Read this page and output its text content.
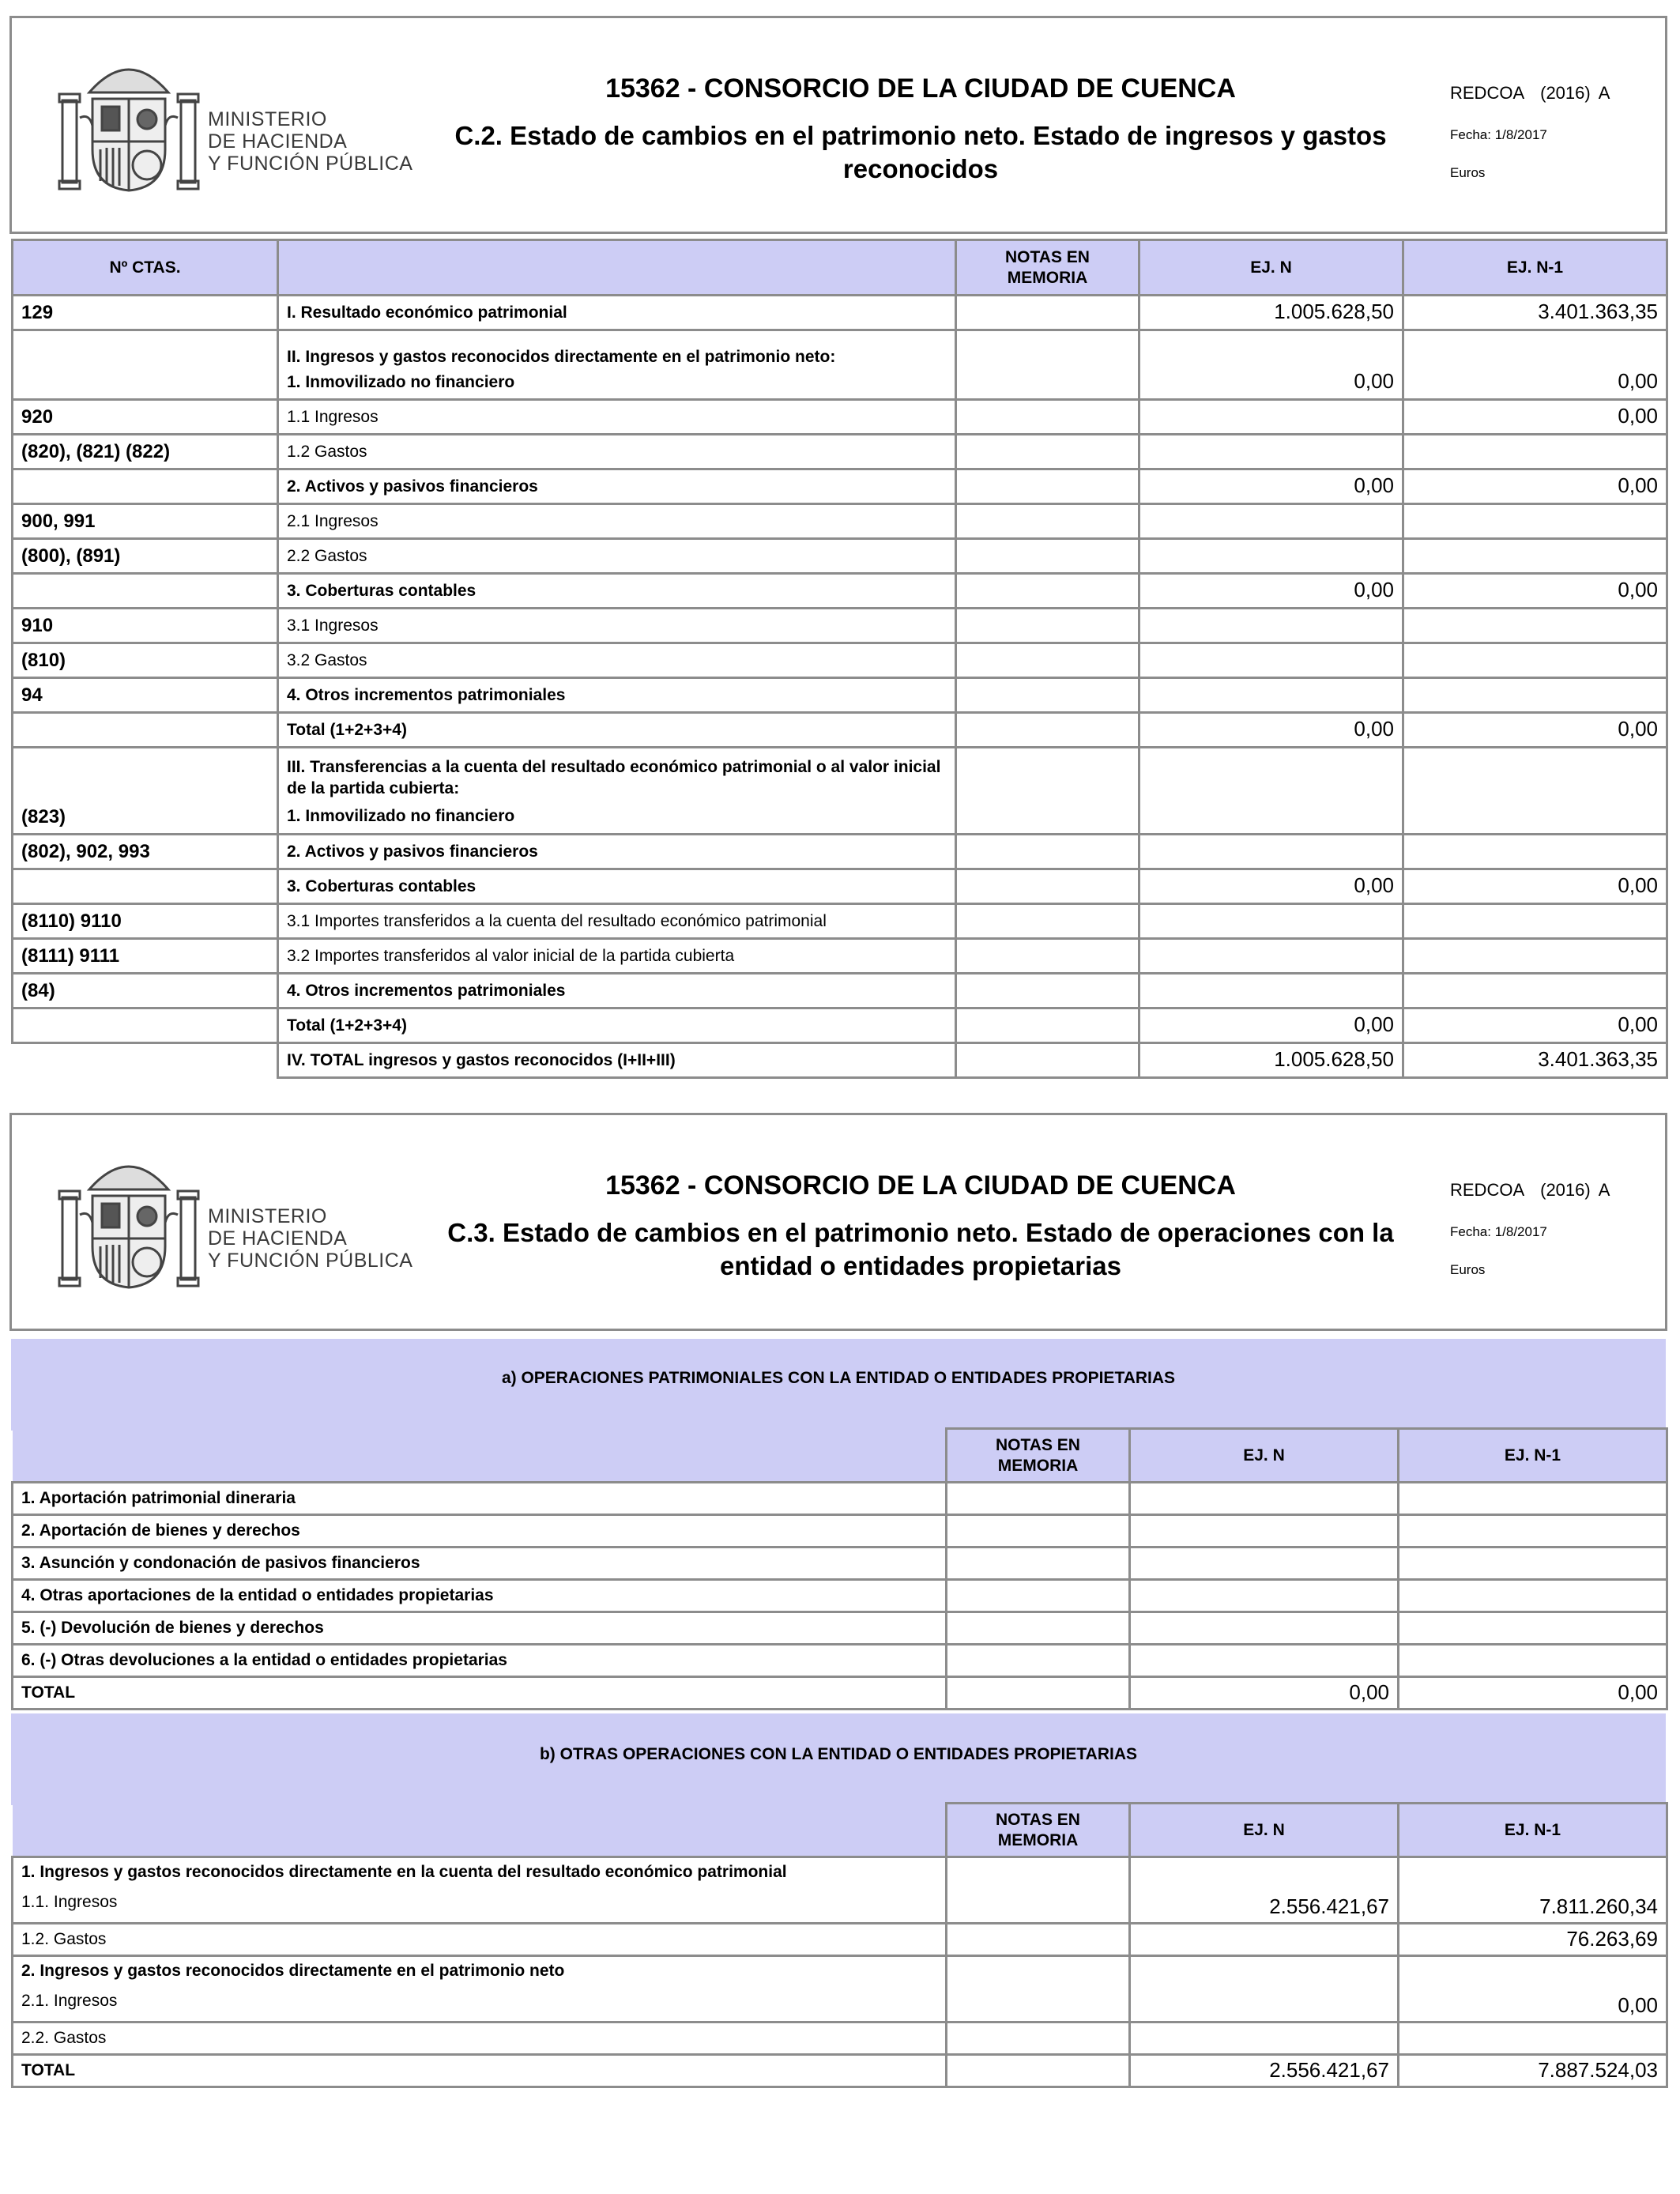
MINISTERIO
DE HACIENDA
Y FUNCIÓN PÚBLICA
15362 - CONSORCIO DE LA CIUDAD DE CUENCA
C.2. Estado de cambios en el patrimonio neto. Estado de ingresos y gastos reconocidos
REDCOA (2016) A
Fecha: 1/8/2017
Euros
Nº CTAS.		NOTAS EN MEMORIA	EJ. N	EJ. N-1
129	I. Resultado económico patrimonial		1.005.628,50	3.401.363,35

	II. Ingresos y gastos reconocidos directamente en el patrimonio neto:
1. Inmovilizado no financiero		0,00	0,00
920	1.1 Ingresos			0,00
(820), (821) (822)	1.2 Gastos			
	2. Activos y pasivos financieros		0,00	0,00
900, 991	2.1 Ingresos			
(800), (891)	2.2 Gastos			
	3. Coberturas contables		0,00	0,00
910	3.1 Ingresos			
(810)	3.2 Gastos			
94	4. Otros incrementos patrimoniales			
	Total (1+2+3+4)		0,00	0,00
(823)	III. Transferencias a la cuenta del resultado económico patrimonial o al valor inicial de la partida cubierta:
1. Inmovilizado no financiero			
(802), 902, 993	2. Activos y pasivos financieros			
	3. Coberturas contables		0,00	0,00
(8110) 9110	3.1 Importes transferidos a la cuenta del resultado económico patrimonial			
(8111) 9111	3.2 Importes transferidos al valor inicial de la partida cubierta			
(84)	4. Otros incrementos patrimoniales			
	Total (1+2+3+4)		0,00	0,00
	IV. TOTAL ingresos y gastos reconocidos (I+II+III)		1.005.628,50	3.401.363,35
MINISTERIO
DE HACIENDA
Y FUNCIÓN PÚBLICA
15362 - CONSORCIO DE LA CIUDAD DE CUENCA
C.3. Estado de cambios en el patrimonio neto. Estado de operaciones con la entidad o entidades propietarias
REDCOA (2016) A
Fecha: 1/8/2017
Euros
a) OPERACIONES PATRIMONIALES CON LA ENTIDAD O ENTIDADES PROPIETARIAS
	NOTAS EN MEMORIA	EJ. N	EJ. N-1
1. Aportación patrimonial dineraria			
2. Aportación de bienes y derechos			
3. Asunción y condonación de pasivos financieros			
4. Otras aportaciones de la entidad o entidades propietarias			
5. (-) Devolución de bienes y derechos			
6. (-) Otras devoluciones a la entidad o entidades propietarias			
TOTAL		0,00	0,00
b) OTRAS OPERACIONES CON LA ENTIDAD O ENTIDADES PROPIETARIAS
	NOTAS EN MEMORIA	EJ. N	EJ. N-1
1. Ingresos y gastos reconocidos directamente en la cuenta del resultado económico patrimonial
1.1. Ingresos		2.556.421,67	7.811.260,34
1.2. Gastos			76.263,69
2. Ingresos y gastos reconocidos directamente en el patrimonio neto
2.1. Ingresos			0,00
2.2. Gastos			
TOTAL		2.556.421,67	7.887.524,03
